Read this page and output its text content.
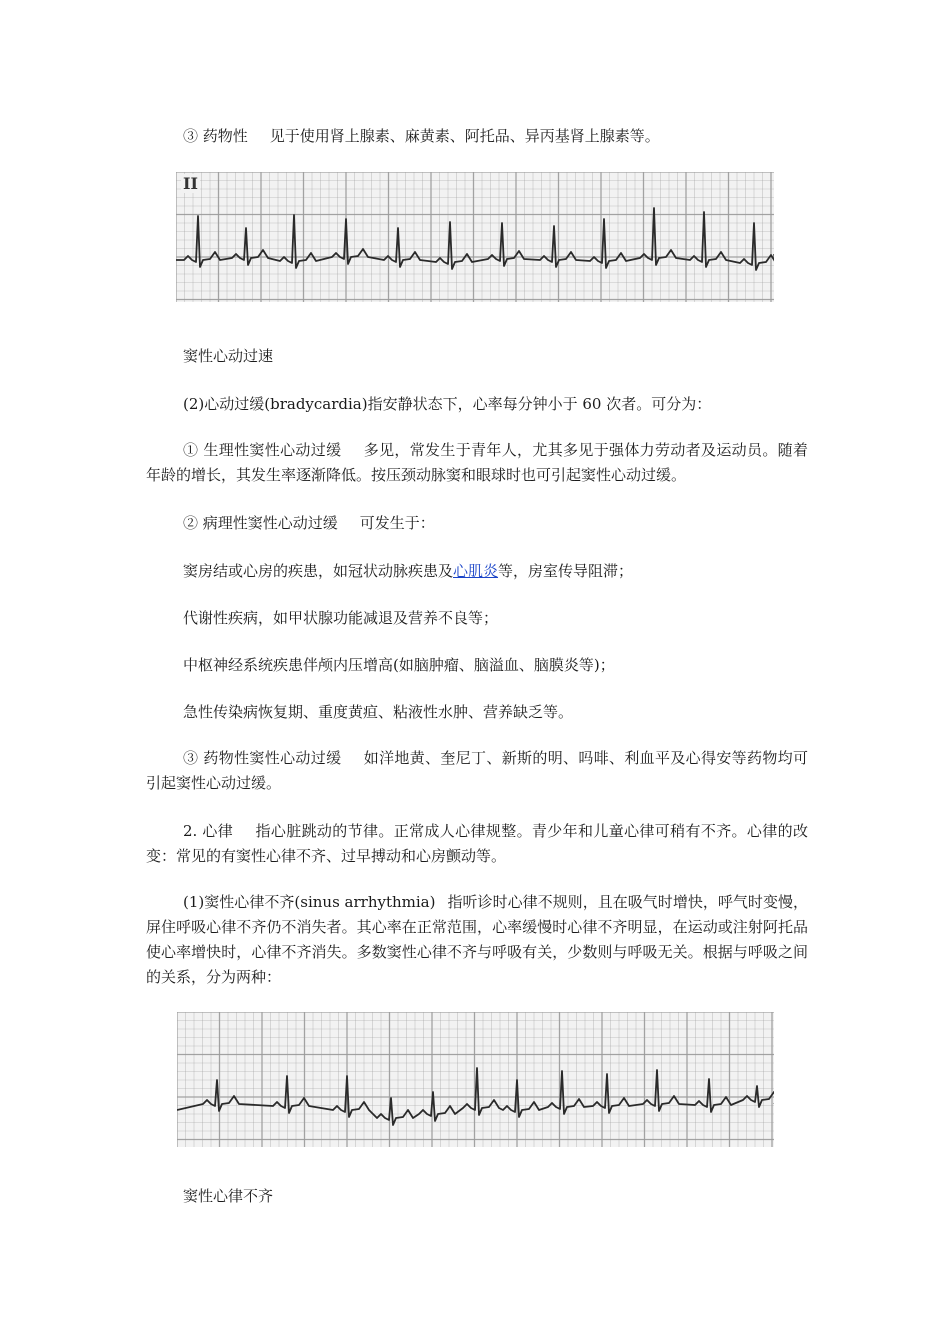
③ 药物性 见于使用肾上腺素、麻黄素、阿托品、异丙基肾上腺素等。
II
窦性心动过速
(2)心动过缓(bradycardia)指安静状态下，心率每分钟小于 60 次者。可分为：
① 生理性窦性心动过缓 多见，常发生于青年人，尤其多见于强体力劳动者及运动员。随着年龄的增长，其发生率逐渐降低。按压颈动脉窦和眼球时也可引起窦性心动过缓。
② 病理性窦性心动过缓 可发生于：
窦房结或心房的疾患，如冠状动脉疾患及心肌炎等，房室传导阻滞；
代谢性疾病，如甲状腺功能减退及营养不良等；
中枢神经系统疾患伴颅内压增高(如脑肿瘤、脑溢血、脑膜炎等)；
急性传染病恢复期、重度黄疸、粘液性水肿、营养缺乏等。
③ 药物性窦性心动过缓 如洋地黄、奎尼丁、新斯的明、吗啡、利血平及心得安等药物均可引起窦性心动过缓。
2. 心律 指心脏跳动的节律。正常成人心律规整。青少年和儿童心律可稍有不齐。心律的改变：常见的有窦性心律不齐、过早搏动和心房颤动等。
(1)窦性心律不齐(sinus arrhythmia) 指听诊时心律不规则，且在吸气时增快，呼气时变慢，屏住呼吸心律不齐仍不消失者。其心率在正常范围，心率缓慢时心律不齐明显，在运动或注射阿托品使心率增快时，心律不齐消失。多数窦性心律不齐与呼吸有关，少数则与呼吸无关。根据与呼吸之间的关系，分为两种：
窦性心律不齐
